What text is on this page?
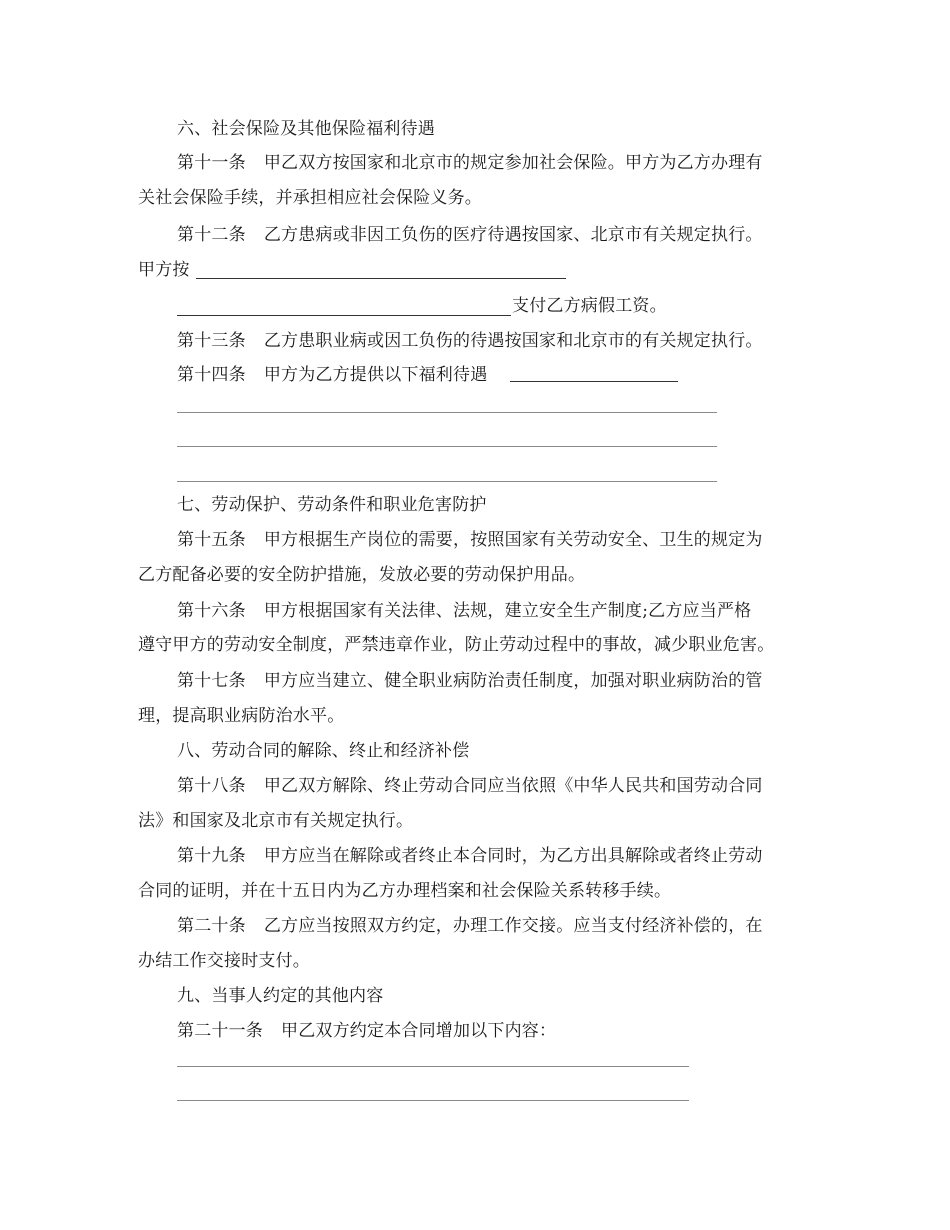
六、社会保险及其他保险福利待遇
第十一条 甲乙双方按国家和北京市的规定参加社会保险。甲方为乙方办理有
关社会保险手续，并承担相应社会保险义务。
第十二条 乙方患病或非因工负伤的医疗待遇按国家、北京市有关规定执行。
甲方按
支付乙方病假工资。
第十三条 乙方患职业病或因工负伤的待遇按国家和北京市的有关规定执行。
第十四条 甲方为乙方提供以下福利待遇
七、劳动保护、劳动条件和职业危害防护
第十五条 甲方根据生产岗位的需要，按照国家有关劳动安全、卫生的规定为
乙方配备必要的安全防护措施，发放必要的劳动保护用品。
第十六条 甲方根据国家有关法律、法规，建立安全生产制度;乙方应当严格
遵守甲方的劳动安全制度，严禁违章作业，防止劳动过程中的事故，减少职业危害。
第十七条 甲方应当建立、健全职业病防治责任制度，加强对职业病防治的管
理，提高职业病防治水平。
八、劳动合同的解除、终止和经济补偿
第十八条 甲乙双方解除、终止劳动合同应当依照《中华人民共和国劳动合同
法》和国家及北京市有关规定执行。
第十九条 甲方应当在解除或者终止本合同时，为乙方出具解除或者终止劳动
合同的证明，并在十五日内为乙方办理档案和社会保险关系转移手续。
第二十条 乙方应当按照双方约定，办理工作交接。应当支付经济补偿的，在
办结工作交接时支付。
九、当事人约定的其他内容
第二十一条 甲乙双方约定本合同增加以下内容：
